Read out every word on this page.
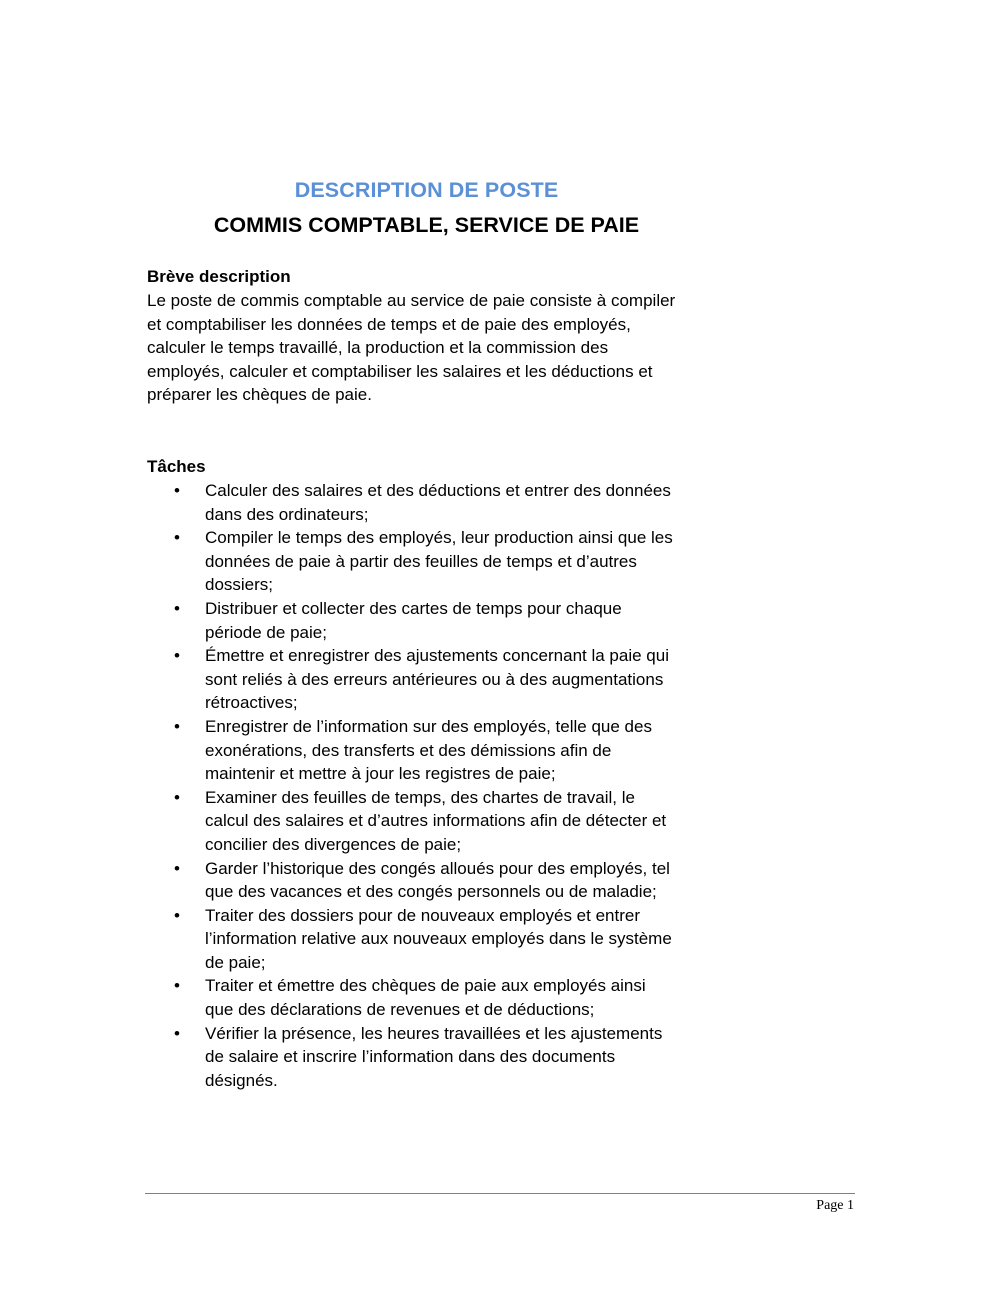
DESCRIPTION DE POSTE
COMMIS COMPTABLE, SERVICE DE PAIE
Brève description
Le poste de commis comptable au service de paie consiste à compiler
et comptabiliser les données de temps et de paie des employés,
calculer le temps travaillé, la production et la commission des
employés, calculer et comptabiliser les salaires et les déductions et
préparer les chèques de paie.
Tâches
• Calculer des salaires et des déductions et entrer des données
dans des ordinateurs;
• Compiler le temps des employés, leur production ainsi que les
données de paie à partir des feuilles de temps et d’autres
dossiers;
• Distribuer et collecter des cartes de temps pour chaque
période de paie;
• Émettre et enregistrer des ajustements concernant la paie qui
sont reliés à des erreurs antérieures ou à des augmentations
rétroactives;
• Enregistrer de l’information sur des employés, telle que des
exonérations, des transferts et des démissions afin de
maintenir et mettre à jour les registres de paie;
• Examiner des feuilles de temps, des chartes de travail, le
calcul des salaires et d’autres informations afin de détecter et
concilier des divergences de paie;
• Garder l’historique des congés alloués pour des employés, tel
que des vacances et des congés personnels ou de maladie;
• Traiter des dossiers pour de nouveaux employés et entrer
l’information relative aux nouveaux employés dans le système
de paie;
• Traiter et émettre des chèques de paie aux employés ainsi
que des déclarations de revenues et de déductions;
• Vérifier la présence, les heures travaillées et les ajustements
de salaire et inscrire l’information dans des documents
désignés.
Page 1
